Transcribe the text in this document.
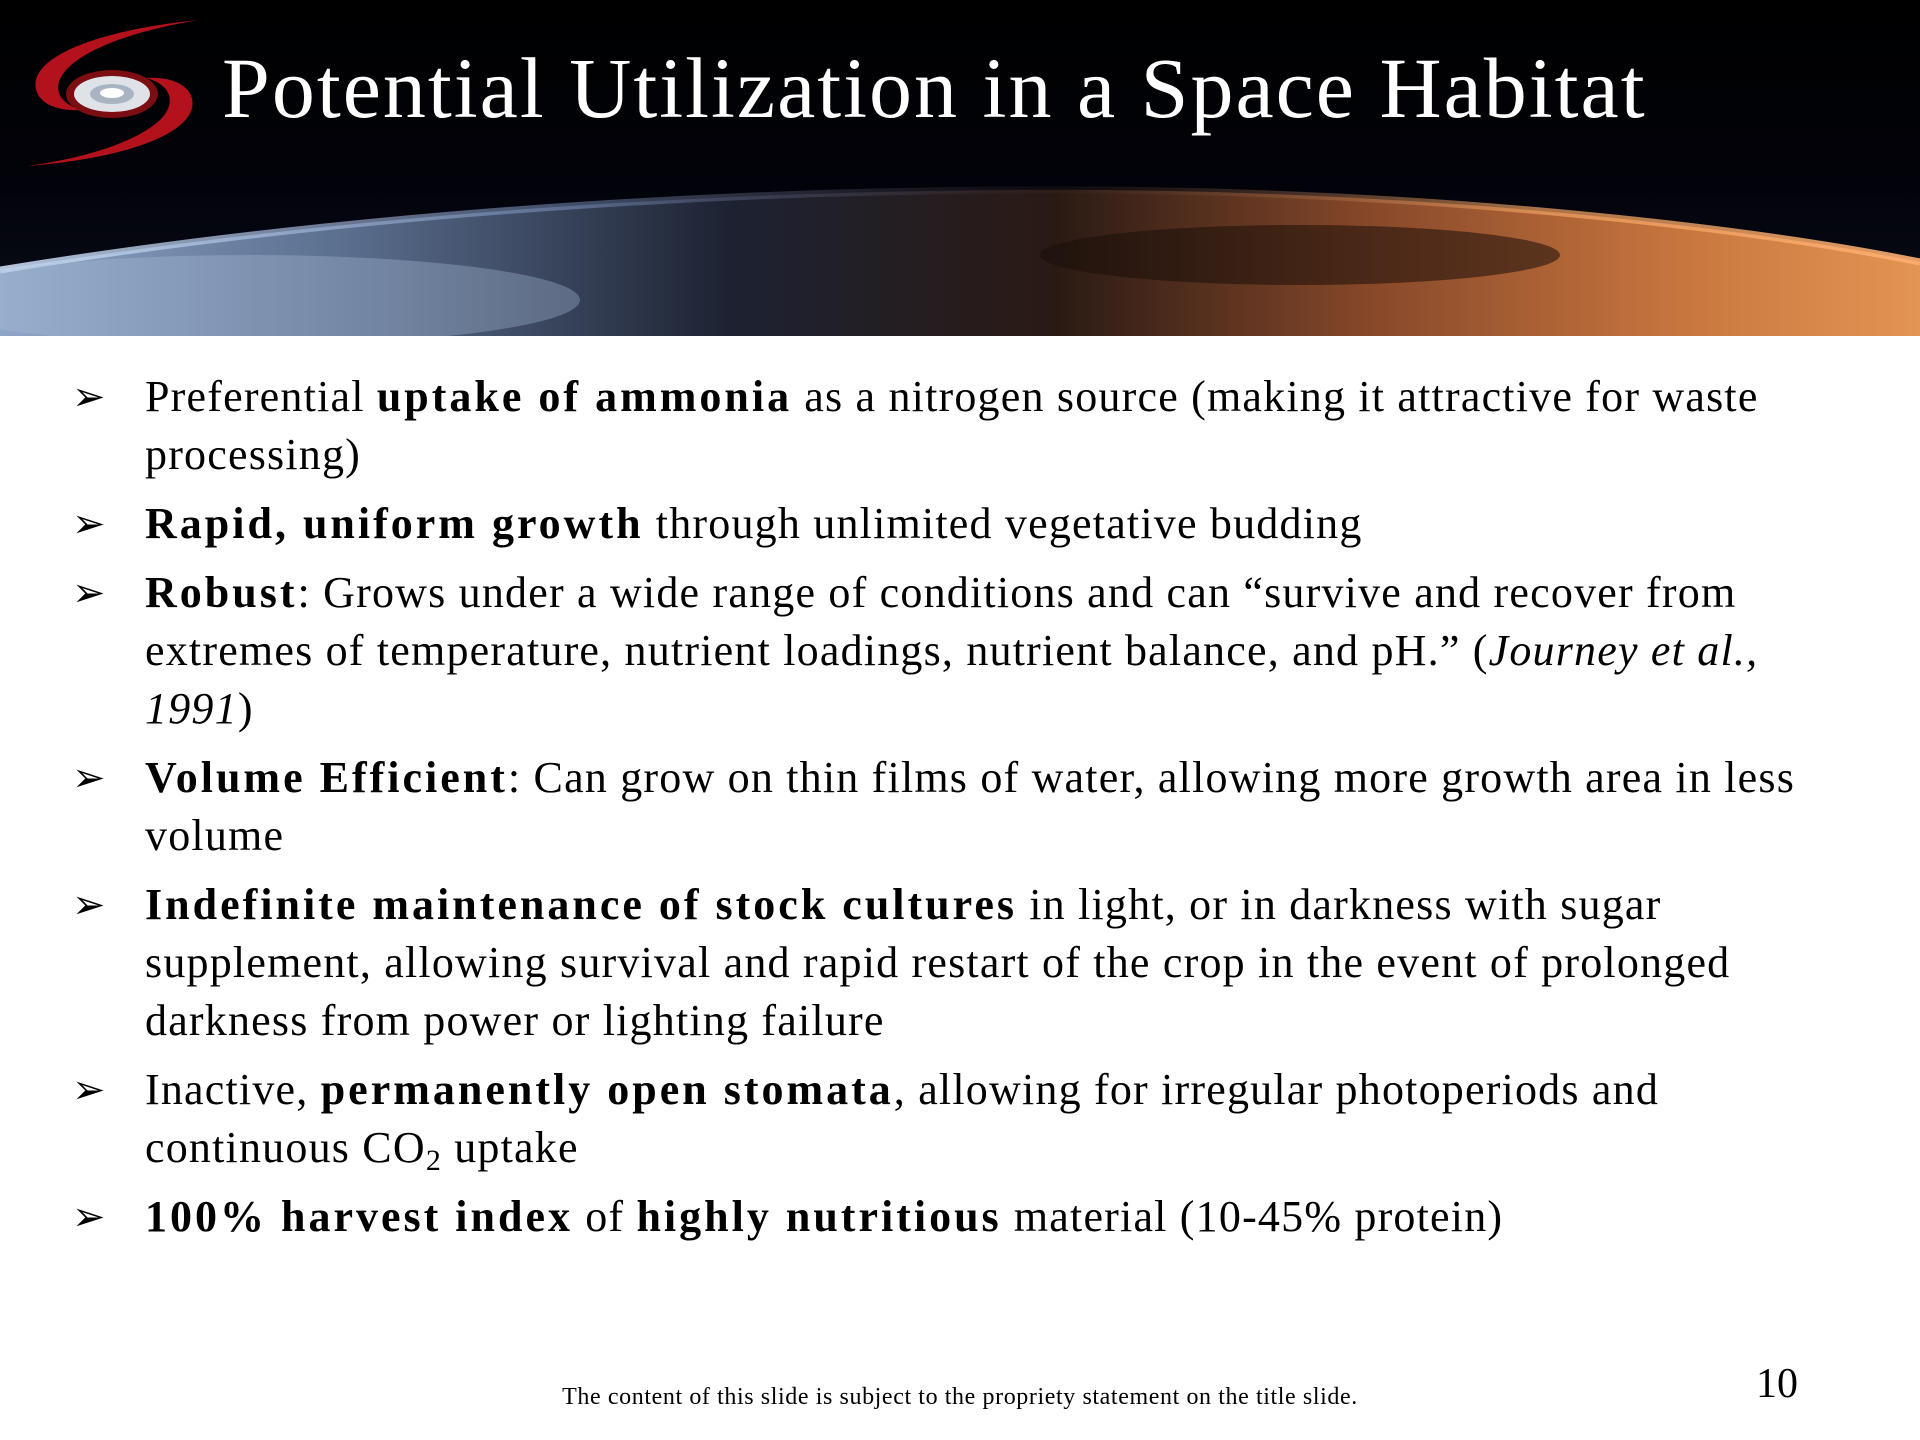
Potential Utilization in a Space Habitat
➢ Preferential uptake of ammonia as a nitrogen source (making it attractive for waste processing)
➢ Rapid, uniform growth through unlimited vegetative budding
➢ Robust: Grows under a wide range of conditions and can “survive and recover from extremes of temperature, nutrient loadings, nutrient balance, and pH.” (Journey et al., 1991)
➢ Volume Efficient: Can grow on thin films of water, allowing more growth area in less volume
➢ Indefinite maintenance of stock cultures in light, or in darkness with sugar supplement, allowing survival and rapid restart of the crop in the event of prolonged darkness from power or lighting failure
➢ Inactive, permanently open stomata, allowing for irregular photoperiods and continuous $CO_2$ uptake
➢ 100% harvest index of highly nutritious material (10-45% protein)
The content of this slide is subject to the propriety statement on the title slide.	10
